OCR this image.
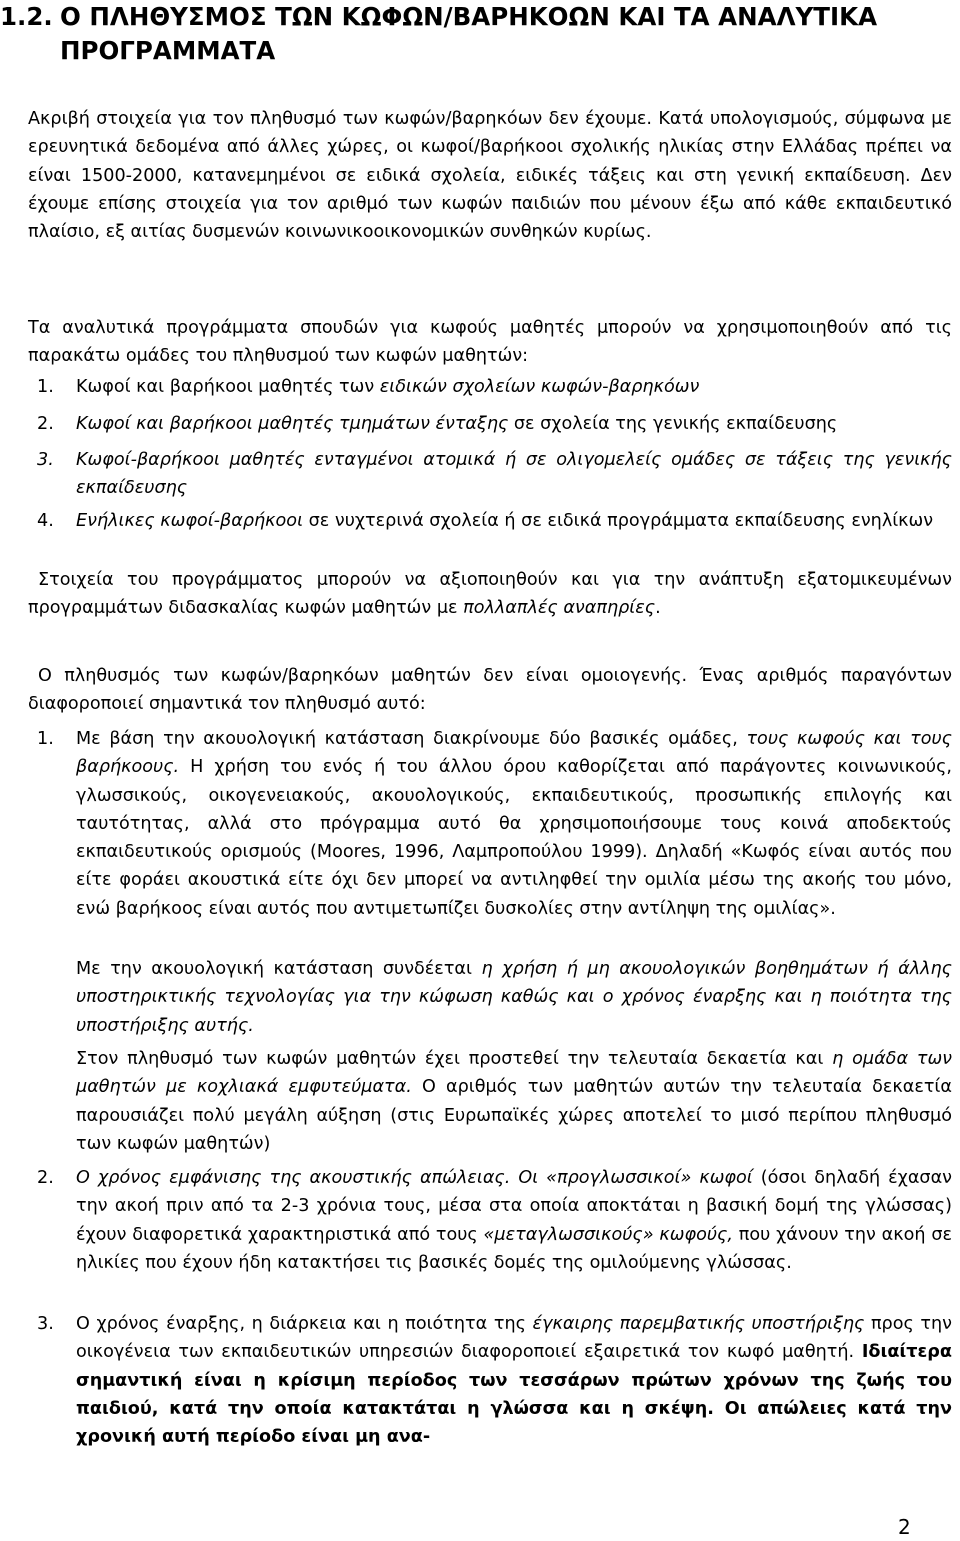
1.2. Ο ΠΛΗΘΥΣΜΟΣ ΤΩΝ ΚΩΦΩΝ/ΒΑΡΗΚΟΩΝ ΚΑΙ ΤΑ ΑΝΑΛΥΤΙΚΑ
ΠΡΟΓΡΑΜΜΑΤΑ
Ακριβή στοιχεία για τον πληθυσμό των κωφών/βαρηκόων δεν έχουμε. Κατά υπολογισμούς, σύμφωνα με ερευνητικά δεδομένα από άλλες χώρες, οι κωφοί/βαρήκοοι σχολικής ηλικίας στην Ελλάδας πρέπει να είναι 1500-2000, κατανεμημένοι σε ειδικά σχολεία, ειδικές τάξεις και στη γενική εκπαίδευση. Δεν έχουμε επίσης στοιχεία για τον αριθμό των κωφών παιδιών που μένουν έξω από κάθε εκπαιδευτικό πλαίσιο, εξ αιτίας δυσμενών κοινωνικοοικονομικών συνθηκών κυρίως.
Τα αναλυτικά προγράμματα σπουδών για κωφούς μαθητές μπορούν να χρησιμοποιηθούν από τις παρακάτω ομάδες του πληθυσμού των κωφών μαθητών:
1. Κωφοί και βαρήκοοι μαθητές των ειδικών σχολείων κωφών-βαρηκόων
2. Κωφοί και βαρήκοοι μαθητές τμημάτων ένταξης σε σχολεία της γενικής εκπαίδευσης
3. Κωφοί-βαρήκοοι μαθητές ενταγμένοι ατομικά ή σε ολιγομελείς ομάδες σε τάξεις της γενικής εκπαίδευσης
4. Ενήλικες κωφοί-βαρήκοοι σε νυχτερινά σχολεία ή σε ειδικά προγράμματα εκπαίδευσης ενηλίκων
Στοιχεία του προγράμματος μπορούν να αξιοποιηθούν και για την ανάπτυξη εξατομικευμένων προγραμμάτων διδασκαλίας κωφών μαθητών με πολλαπλές αναπηρίες.
Ο πληθυσμός των κωφών/βαρηκόων μαθητών δεν είναι ομοιογενής. Ένας αριθμός παραγόντων διαφοροποιεί σημαντικά τον πληθυσμό αυτό:
1. Με βάση την ακουολογική κατάσταση διακρίνουμε δύο βασικές ομάδες, τους κωφούς και τους βαρήκοους. Η χρήση του ενός ή του άλλου όρου καθορίζεται από παράγοντες κοινωνικούς, γλωσσικούς, οικογενειακούς, ακουολογικούς, εκπαιδευτικούς, προσωπικής επιλογής και ταυτότητας, αλλά στο πρόγραμμα αυτό θα χρησιμοποιήσουμε τους κοινά αποδεκτούς εκπαιδευτικούς ορισμούς (Moores, 1996, Λαμπροπούλου 1999). Δηλαδή «Κωφός είναι αυτός που είτε φοράει ακουστικά είτε όχι δεν μπορεί να αντιληφθεί την ομιλία μέσω της ακοής του μόνο, ενώ βαρήκοος είναι αυτός που αντιμετωπίζει δυσκολίες στην αντίληψη της ομιλίας».
Με την ακουολογική κατάσταση συνδέεται η χρήση ή μη ακουολογικών βοηθημάτων ή άλλης υποστηρικτικής τεχνολογίας για την κώφωση καθώς και ο χρόνος έναρξης και η ποιότητα της υποστήριξης αυτής.
Στον πληθυσμό των κωφών μαθητών έχει προστεθεί την τελευταία δεκαετία και η ομάδα των μαθητών με κοχλιακά εμφυτεύματα. Ο αριθμός των μαθητών αυτών την τελευταία δεκαετία παρουσιάζει πολύ μεγάλη αύξηση (στις Ευρωπαϊκές χώρες αποτελεί το μισό περίπου πληθυσμό των κωφών μαθητών)
2. Ο χρόνος εμφάνισης της ακουστικής απώλειας. Οι «προγλωσσικοί» κωφοί (όσοι δηλαδή έχασαν την ακοή πριν από τα 2-3 χρόνια τους, μέσα στα οποία αποκτάται η βασική δομή της γλώσσας) έχουν διαφορετικά χαρακτηριστικά από τους «μεταγλωσσικούς» κωφούς, που χάνουν την ακοή σε ηλικίες που έχουν ήδη κατακτήσει τις βασικές δομές της ομιλούμενης γλώσσας.
3. Ο χρόνος έναρξης, η διάρκεια και η ποιότητα της έγκαιρης παρεμβατικής υποστήριξης προς την οικογένεια των εκπαιδευτικών υπηρεσιών διαφοροποιεί εξαιρετικά τον κωφό μαθητή. Ιδιαίτερα σημαντική είναι η κρίσιμη περίοδος των τεσσάρων πρώτων χρόνων της ζωής του παιδιού, κατά την οποία κατακτάται η γλώσσα και η σκέψη. Οι απώλειες κατά την χρονική αυτή περίοδο είναι μη ανα-
2
